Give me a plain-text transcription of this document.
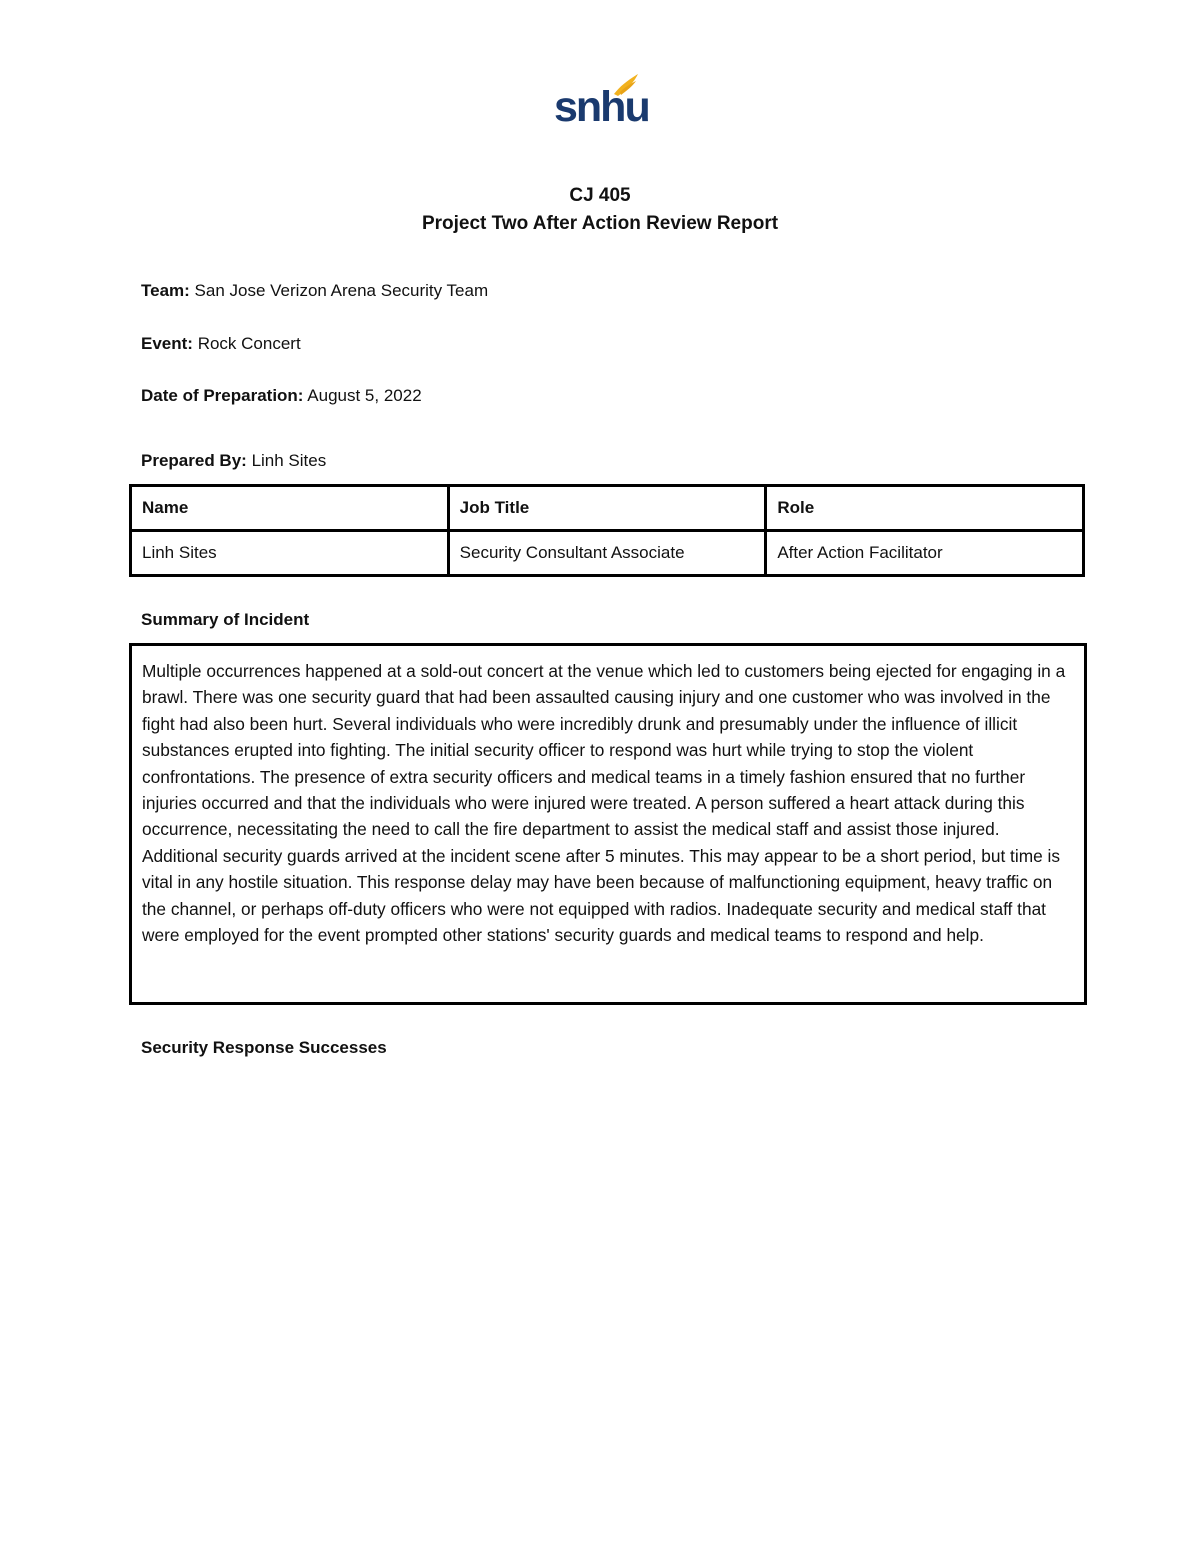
snhu
CJ 405
Project Two After Action Review Report
Team: San Jose Verizon Arena Security Team
Event: Rock Concert
Date of Preparation: August 5, 2022
Prepared By: Linh Sites
Name	Job Title	Role
Linh Sites	Security Consultant Associate	After Action Facilitator
Summary of Incident
Multiple occurrences happened at a sold-out concert at the venue which led to customers being ejected for engaging in a brawl. There was one security guard that had been assaulted causing injury and one customer who was involved in the fight had also been hurt. Several individuals who were incredibly drunk and presumably under the influence of illicit substances erupted into fighting. The initial security officer to respond was hurt while trying to stop the violent confrontations. The presence of extra security officers and medical teams in a timely fashion ensured that no further injuries occurred and that the individuals who were injured were treated. A person suffered a heart attack during this occurrence, necessitating the need to call the fire department to assist the medical staff and assist those injured. Additional security guards arrived at the incident scene after 5 minutes. This may appear to be a short period, but time is vital in any hostile situation. This response delay may have been because of malfunctioning equipment, heavy traffic on the channel, or perhaps off-duty officers who were not equipped with radios. Inadequate security and medical staff that were employed for the event prompted other stations' security guards and medical teams to respond and help.
Security Response Successes
